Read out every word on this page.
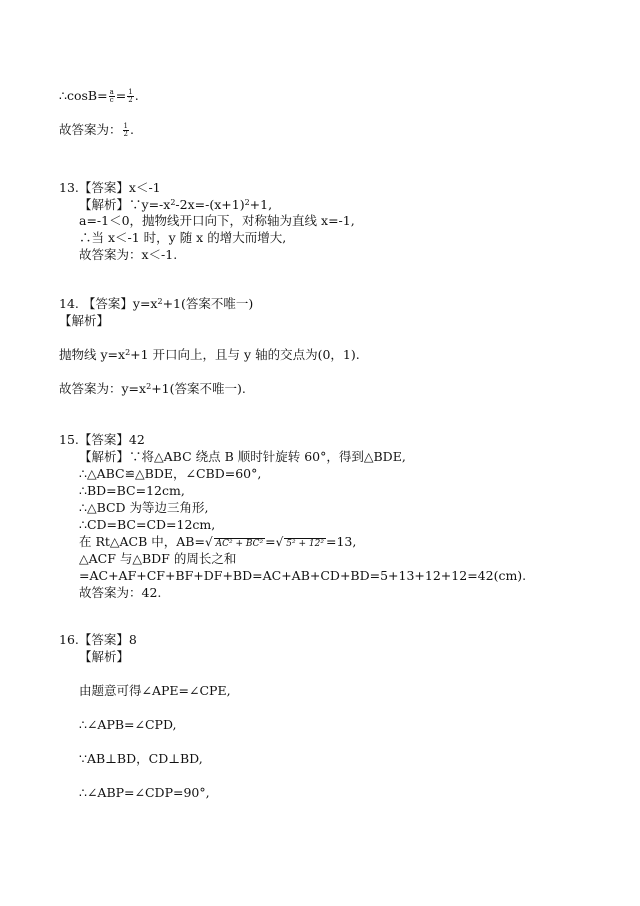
∴cosB= $\frac{a}{c} = \frac{1}{2}$ .
故答案为： $\frac{1}{2}$ .
13.【答案】x＜-1
【解析】$\because y=-x^2-2x=-(x+1)^2+1$,
a=-1＜0，抛物线开口向下，对称轴为直线 x=-1,
∴当 x＜-1 时，y 随 x 的增大而增大,
故答案为：x＜-1.
14. 【答案】$y=x^2+1$(答案不唯一)
【解析】
抛物线 $y=x^2+1$ 开口向上，且与 y 轴的交点为(0，1).
故答案为：$y=x^2+1$(答案不唯一).
15.【答案】42
【解析】∵将△ABC 绕点 B 顺时针旋转 60°，得到△BDE,
∴△ABC≌△BDE，∠CBD=60°,
∴BD=BC=12cm,
∴△BCD 为等边三角形,
∴CD=BC=CD=12cm,
在 Rt△ACB 中，AB=√ AC² + BC² =√ 5² + 12² =13,
△ACF 与△BDF 的周长之和
=AC+AF+CF+BF+DF+BD=AC+AB+CD+BD=5+13+12+12=42(cm).
故答案为：42.
16.【答案】8
【解析】
由题意可得∠APE=∠CPE,
∴∠APB=∠CPD,
∵AB⊥BD，CD⊥BD,
∴∠ABP=∠CDP=90°,
